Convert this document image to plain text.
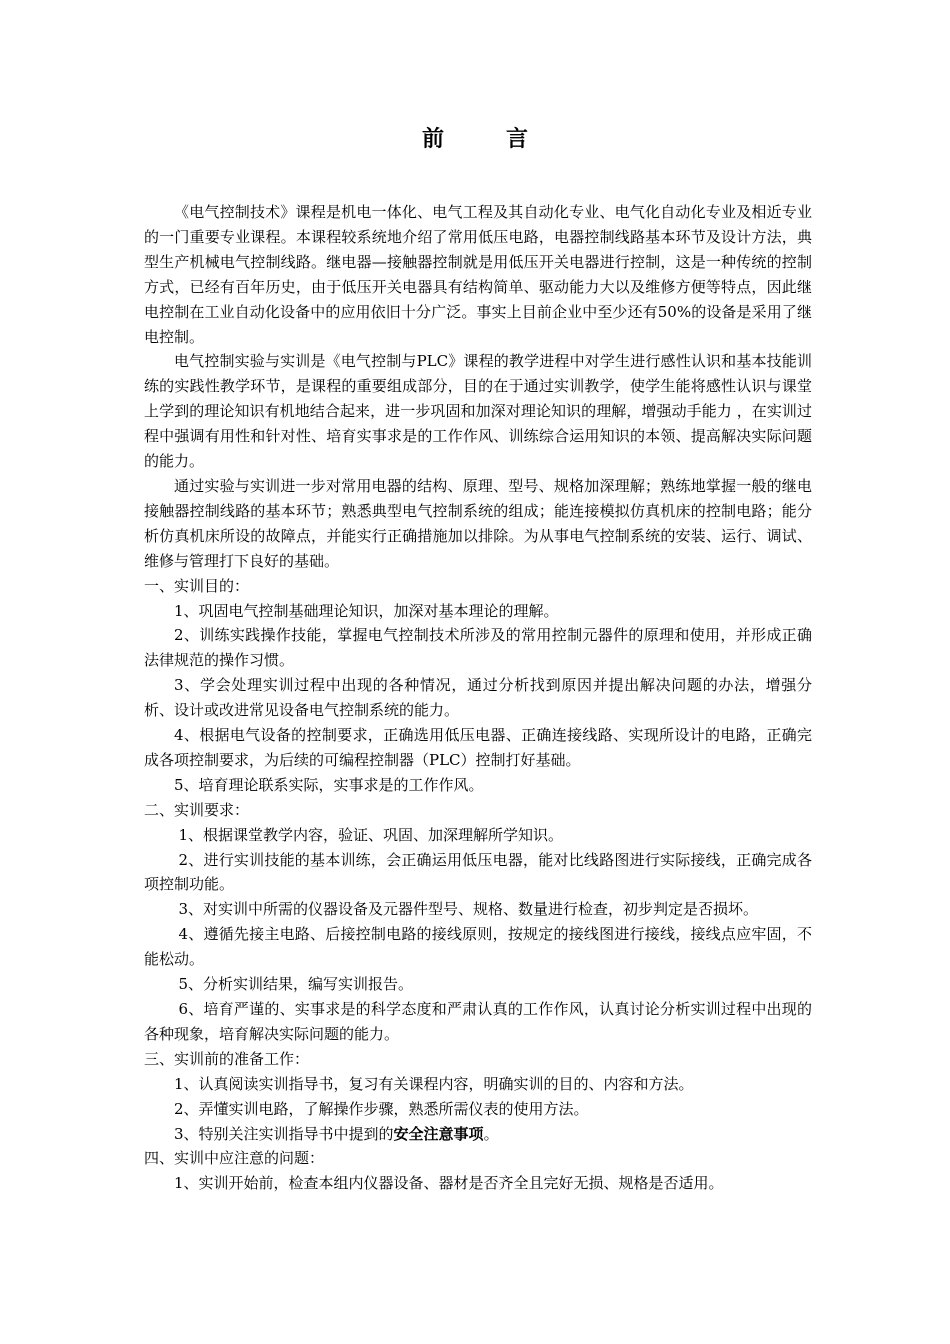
前	言

《电气控制技术》课程是机电一体化、电气工程及其自动化专业、电气化自动化专业及相近专业的一门重要专业课程。本课程较系统地介绍了常用低压电路，电器控制线路基本环节及设计方法，典型生产机械电气控制线路。继电器—接触器控制就是用低压开关电器进行控制，这是一种传统的控制方式，已经有百年历史，由于低压开关电器具有结构简单、驱动能力大以及维修方便等特点，因此继电控制在工业自动化设备中的应用依旧十分广泛。事实上目前企业中至少还有50%的设备是采用了继电控制。

电气控制实验与实训是《电气控制与PLC》课程的教学进程中对学生进行感性认识和基本技能训练的实践性教学环节，是课程的重要组成部分，目的在于通过实训教学，使学生能将感性认识与课堂上学到的理论知识有机地结合起来，进一步巩固和加深对理论知识的理解，增强动手能力 ，在实训过程中强调有用性和针对性、培育实事求是的工作作风、训练综合运用知识的本领、提高解决实际问题的能力。

通过实验与实训进一步对常用电器的结构、原理、型号、规格加深理解；熟练地掌握一般的继电接触器控制线路的基本环节；熟悉典型电气控制系统的组成；能连接模拟仿真机床的控制电路；能分析仿真机床所设的故障点，并能实行正确措施加以排除。为从事电气控制系统的安装、运行、调试、维修与管理打下良好的基础。

一、实训目的：

1、巩固电气控制基础理论知识，加深对基本理论的理解。

2、训练实践操作技能，掌握电气控制技术所涉及的常用控制元器件的原理和使用，并形成正确法律规范的操作习惯。

3、学会处理实训过程中出现的各种情况，通过分析找到原因并提出解决问题的办法，增强分析、设计或改进常见设备电气控制系统的能力。

4、根据电气设备的控制要求，正确选用低压电器、正确连接线路、实现所设计的电路，正确完成各项控制要求，为后续的可编程控制器（PLC）控制打好基础。

5、培育理论联系实际，实事求是的工作作风。

二、实训要求：

1、根据课堂教学内容，验证、巩固、加深理解所学知识。

2、进行实训技能的基本训练，会正确运用低压电器，能对比线路图进行实际接线，正确完成各项控制功能。

3、对实训中所需的仪器设备及元器件型号、规格、数量进行检查，初步判定是否损坏。

4、遵循先接主电路、后接控制电路的接线原则，按规定的接线图进行接线，接线点应牢固，不能松动。

5、分析实训结果，编写实训报告。

6、培育严谨的、实事求是的科学态度和严肃认真的工作作风，认真讨论分析实训过程中出现的各种现象，培育解决实际问题的能力。

三、实训前的准备工作：

1、认真阅读实训指导书，复习有关课程内容，明确实训的目的、内容和方法。

2、弄懂实训电路，了解操作步骤，熟悉所需仪表的使用方法。

3、特别关注实训指导书中提到的安全注意事项。

四、实训中应注意的问题：

1、实训开始前，检查本组内仪器设备、器材是否齐全且完好无损、规格是否适用。
